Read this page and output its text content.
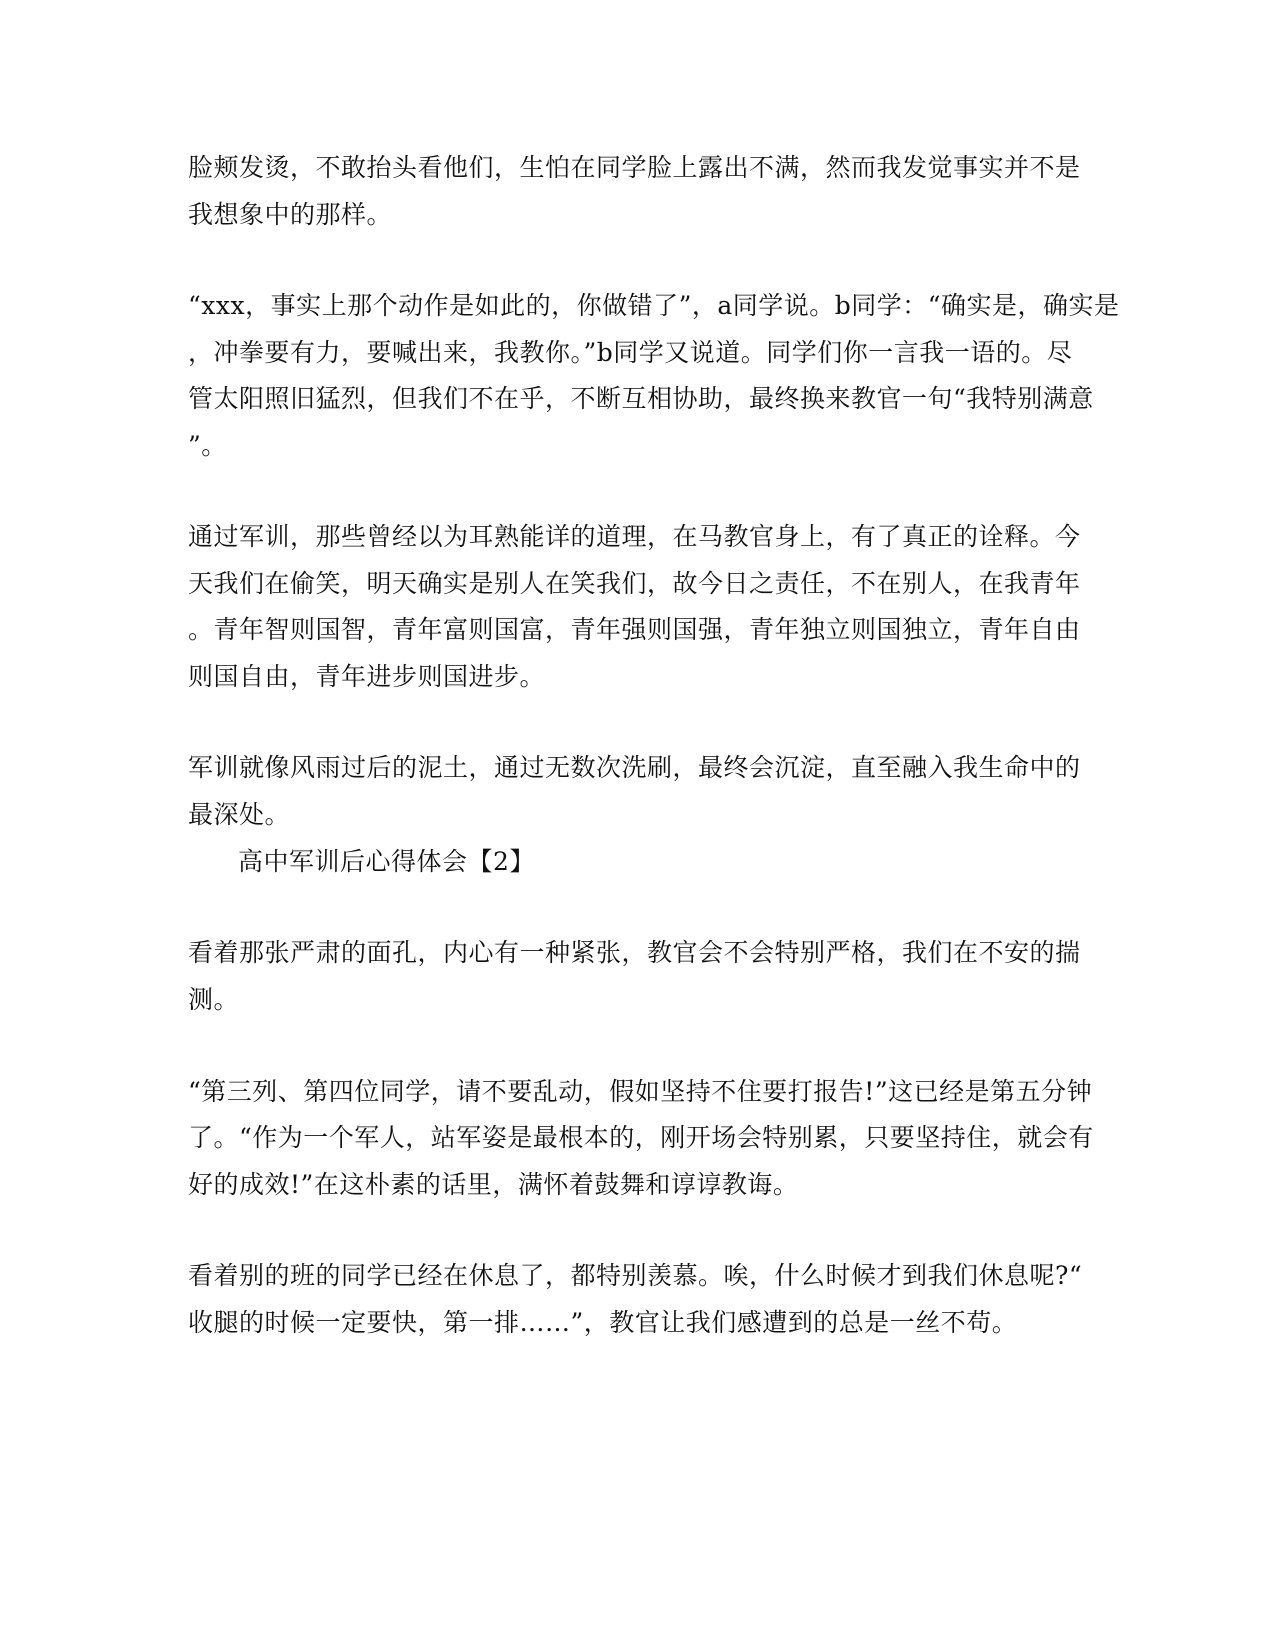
脸颊发烫，不敢抬头看他们，生怕在同学脸上露出不满，然而我发觉事实并不是
我想象中的那样。
“xxx，事实上那个动作是如此的，你做错了”，a同学说。b同学：“确实是，确实是
，冲拳要有力，要喊出来，我教你。”b同学又说道。同学们你一言我一语的。尽
管太阳照旧猛烈，但我们不在乎，不断互相协助，最终换来教官一句“我特别满意
”。
通过军训，那些曾经以为耳熟能详的道理，在马教官身上，有了真正的诠释。今
天我们在偷笑，明天确实是别人在笑我们，故今日之责任，不在别人，在我青年
。青年智则国智，青年富则国富，青年强则国强，青年独立则国独立，青年自由
则国自由，青年进步则国进步。
军训就像风雨过后的泥土，通过无数次洗刷，最终会沉淀，直至融入我生命中的
最深处。
高中军训后心得体会【2】
看着那张严肃的面孔，内心有一种紧张，教官会不会特别严格，我们在不安的揣
测。
“第三列、第四位同学，请不要乱动，假如坚持不住要打报告!”这已经是第五分钟
了。“作为一个军人，站军姿是最根本的，刚开场会特别累，只要坚持住，就会有
好的成效!”在这朴素的话里，满怀着鼓舞和谆谆教诲。
看着别的班的同学已经在休息了，都特别羡慕。唉，什么时候才到我们休息呢?“
收腿的时候一定要快，第一排……”，教官让我们感遭到的总是一丝不苟。
